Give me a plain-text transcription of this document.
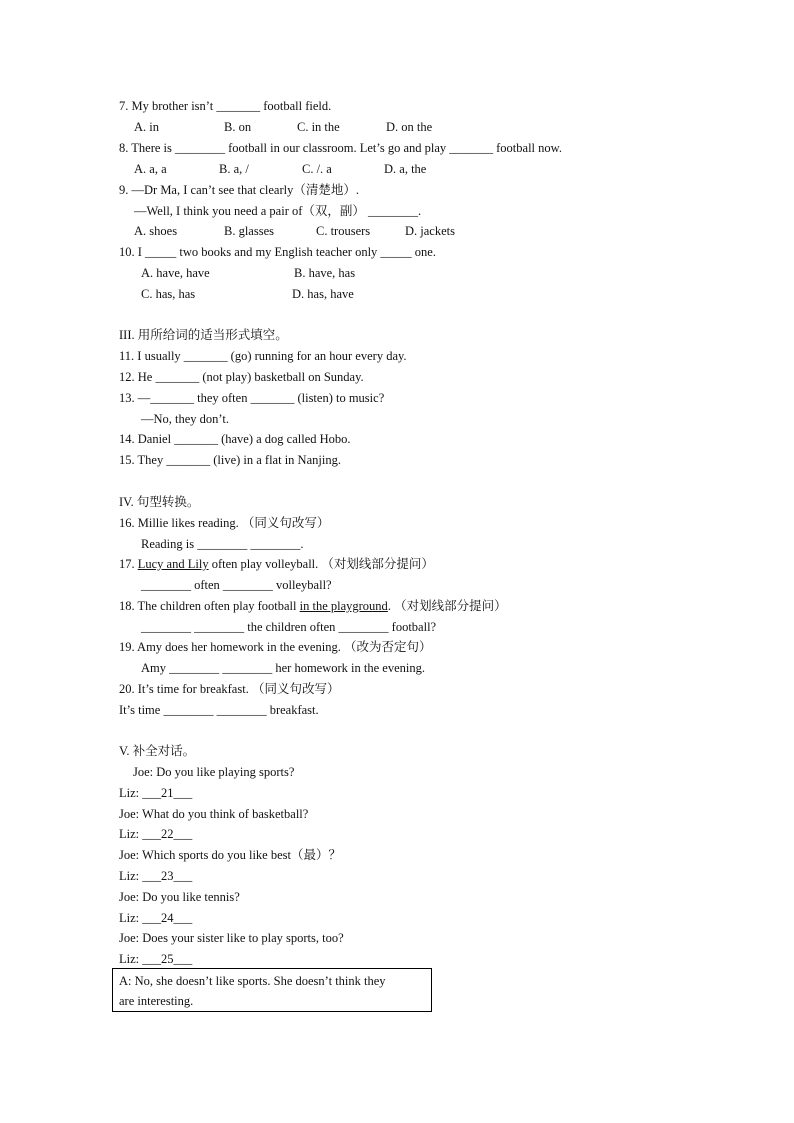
7. My brother isn’t _______ football field.
A. in	B. on	C. in the	D. on the
8. There is ________ football in our classroom. Let’s go and play _______ football now.
A. a, a	B. a, /	C. /. a	D. a, the
9. —Dr Ma, I can’t see that clearly（清楚地）.
—Well, I think you need a pair of（双，副） ________.
A. shoes	B. glasses	C. trousers	D. jackets
10. I _____ two books and my English teacher only _____ one.
A. have, have	B. have, has
C. has, has	D. has, have
III. 用所给词的适当形式填空。
11. I usually _______ (go) running for an hour every day.
12. He _______ (not play) basketball on Sunday.
13. —_______ they often _______ (listen) to music?
—No, they don’t.
14. Daniel _______ (have) a dog called Hobo.
15. They _______ (live) in a flat in Nanjing.
IV. 句型转换。
16. Millie likes reading. （同义句改写）
Reading is ________ ________.
17. Lucy and Lily often play volleyball. （对划线部分提问）
________ often ________ volleyball?
18. The children often play football in the playground. （对划线部分提问）
________ ________ the children often ________ football?
19. Amy does her homework in the evening. （改为否定句）
Amy ________ ________ her homework in the evening.
20. It’s time for breakfast. （同义句改写）
It’s time ________ ________ breakfast.
V. 补全对话。
Joe: Do you like playing sports?
Liz: ___21___
Joe: What do you think of basketball?
Liz: ___22___
Joe: Which sports do you like best（最）？
Liz: ___23___
Joe: Do you like tennis?
Liz: ___24___
Joe: Does your sister like to play sports, too?
Liz: ___25___
A: No, she doesn’t like sports. She doesn’t think they
are interesting.
